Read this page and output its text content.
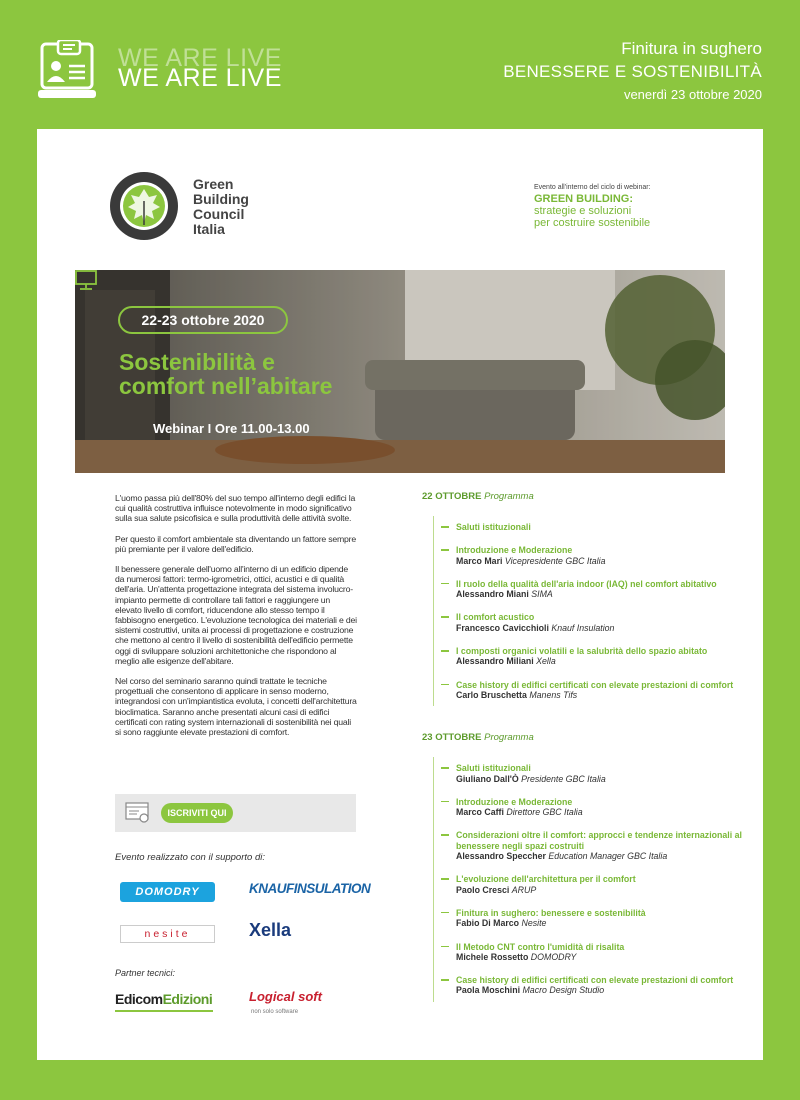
WE ARE LIVE
WE ARE LIVE
Finitura in sughero
BENESSERE E SOSTENIBILITÀ
venerdì 23 ottobre 2020
Green
Building
Council
Italia
Evento all'interno del ciclo di webinar:
GREEN BUILDING:
strategie e soluzioni
per costruire sostenibile
22-23 ottobre 2020
Sostenibilità e
comfort nell’abitare
Webinar I Ore 11.00-13.00

L'uomo passa più dell'80% del suo tempo all'interno degli edifici la cui qualità costruttiva influisce notevolmente in modo significativo sulla sua salute psicofisica e sulla produttività delle attività svolte.

Per questo il comfort ambientale sta diventando un fattore sempre più premiante per il valore dell'edificio.

Il benessere generale dell'uomo all'interno di un edificio dipende da numerosi fattori: termo-igrometrici, ottici, acustici e di qualità dell'aria. Un'attenta progettazione integrata del sistema involucro-impianto permette di controllare tali fattori e raggiungere un elevato livello di comfort, riducendone allo stesso tempo il fabbisogno energetico. L'evoluzione tecnologica dei materiali e dei sistemi costruttivi, unita ai processi di progettazione e costruzione che mettono al centro il livello di sostenibilità dell'edificio permette oggi di sviluppare soluzioni architettoniche che rispondono al meglio alle esigenze dell'abitare.

Nel corso del seminario saranno quindi trattate le tecniche progettuali che consentono di applicare in senso moderno, integrandosi con un'impiantistica evoluta, i concetti dell'architettura bioclimatica. Saranno anche presentati alcuni casi di edifici certificati con rating system internazionali di sostenibilità nei quali si sono raggiunte elevate prestazioni di comfort.

ISCRIVITI QUI
Evento realizzato con il supporto di:
DOMODRY	KNAUFINSULATION
nesite	Xella
Partner tecnici:
EdicomEdizioni	Logical soft
non solo software
22 OTTOBRE Programma
Saluti istituzionali
Introduzione e Moderazione
Marco Mari Vicepresidente GBC Italia
Il ruolo della qualità dell'aria indoor (IAQ) nel comfort abitativo
Alessandro Miani SIMA
Il comfort acustico
Francesco Cavicchioli Knauf Insulation
I composti organici volatili e la salubrità dello spazio abitato
Alessandro Miliani Xella
Case history di edifici certificati con elevate prestazioni di comfort
Carlo Bruschetta Manens Tifs
23 OTTOBRE Programma
Saluti istituzionali
Giuliano Dall'Ò Presidente GBC Italia
Introduzione e Moderazione
Marco Caffi Direttore GBC Italia
Considerazioni oltre il comfort: approcci e tendenze internazionali al benessere negli spazi costruiti
Alessandro Speccher Education Manager GBC Italia
L'evoluzione dell'architettura per il comfort
Paolo Cresci ARUP
Finitura in sughero: benessere e sostenibilità
Fabio Di Marco Nesite
Il Metodo CNT contro l'umidità di risalita
Michele Rossetto DOMODRY
Case history di edifici certificati con elevate prestazioni di comfort
Paola Moschini Macro Design Studio
